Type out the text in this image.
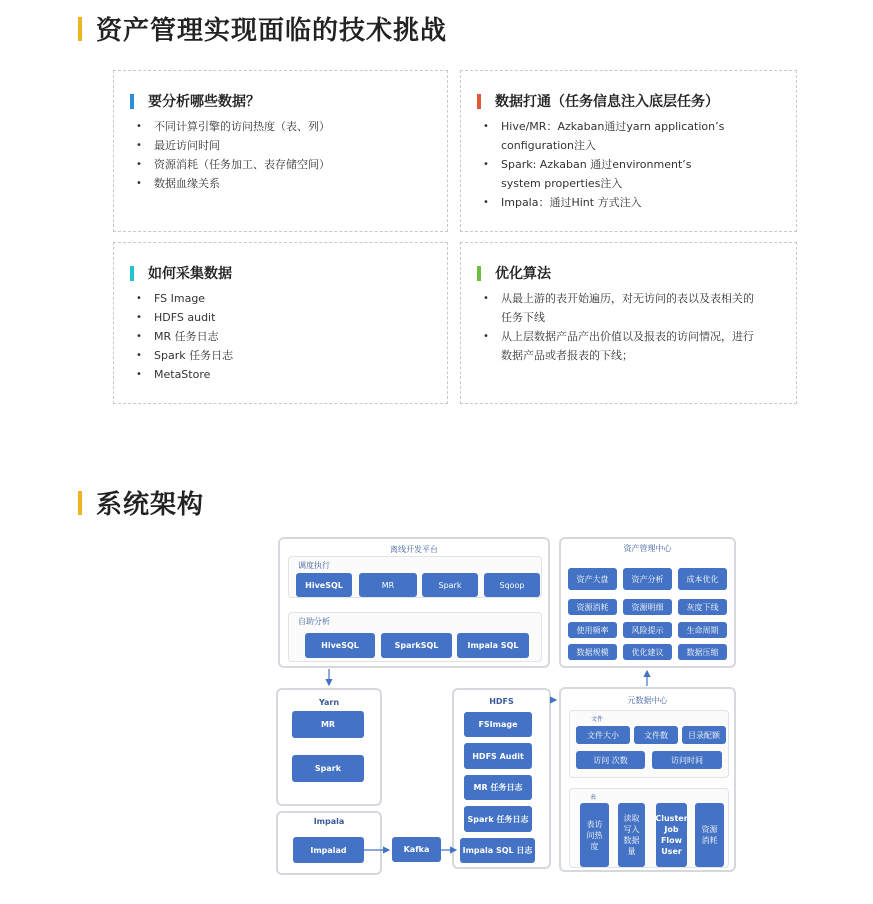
资产管理实现面临的技术挑战
要分析哪些数据？
• 不同计算引擎的访问热度（表、列）
• 最近访问时间
• 资源消耗（任务加工、表存储空间）
• 数据血缘关系
数据打通（任务信息注入底层任务）
• Hive/MR：Azkaban通过yarn application’s configuration注入
• Spark: Azkaban 通过environment’s system properties注入
• Impala：通过Hint 方式注入
如何采集数据
• FS Image
• HDFS audit
• MR 任务日志
• Spark 任务日志
• MetaStore
优化算法
• 从最上游的表开始遍历，对无访问的表以及表相关的任务下线
• 从上层数据产品产出价值以及报表的访问情况，进行数据产品或者报表的下线；
系统架构
离线开发平台
调度执行
HiveSQL	MR	Spark	Sqoop
自助分析
HiveSQL	SparkSQL	Impala SQL
资产管理中心
资产大盘	资产分析	成本优化
资源消耗	资源明细	灰度下线
使用频率	风险提示	生命周期
数据规模	优化建议	数据压缩
Yarn
MR
Spark
Impala
Impalad	Kafka
HDFS
FSImage
HDFS Audit
MR 任务日志
Spark 任务日志
Impala SQL 日志
元数据中心
文件
文件大小	文件数	目录配额
访问 次数	访问时间
表
表访问热度
读取写入数据量
Cluster Job Flow User
资源消耗
